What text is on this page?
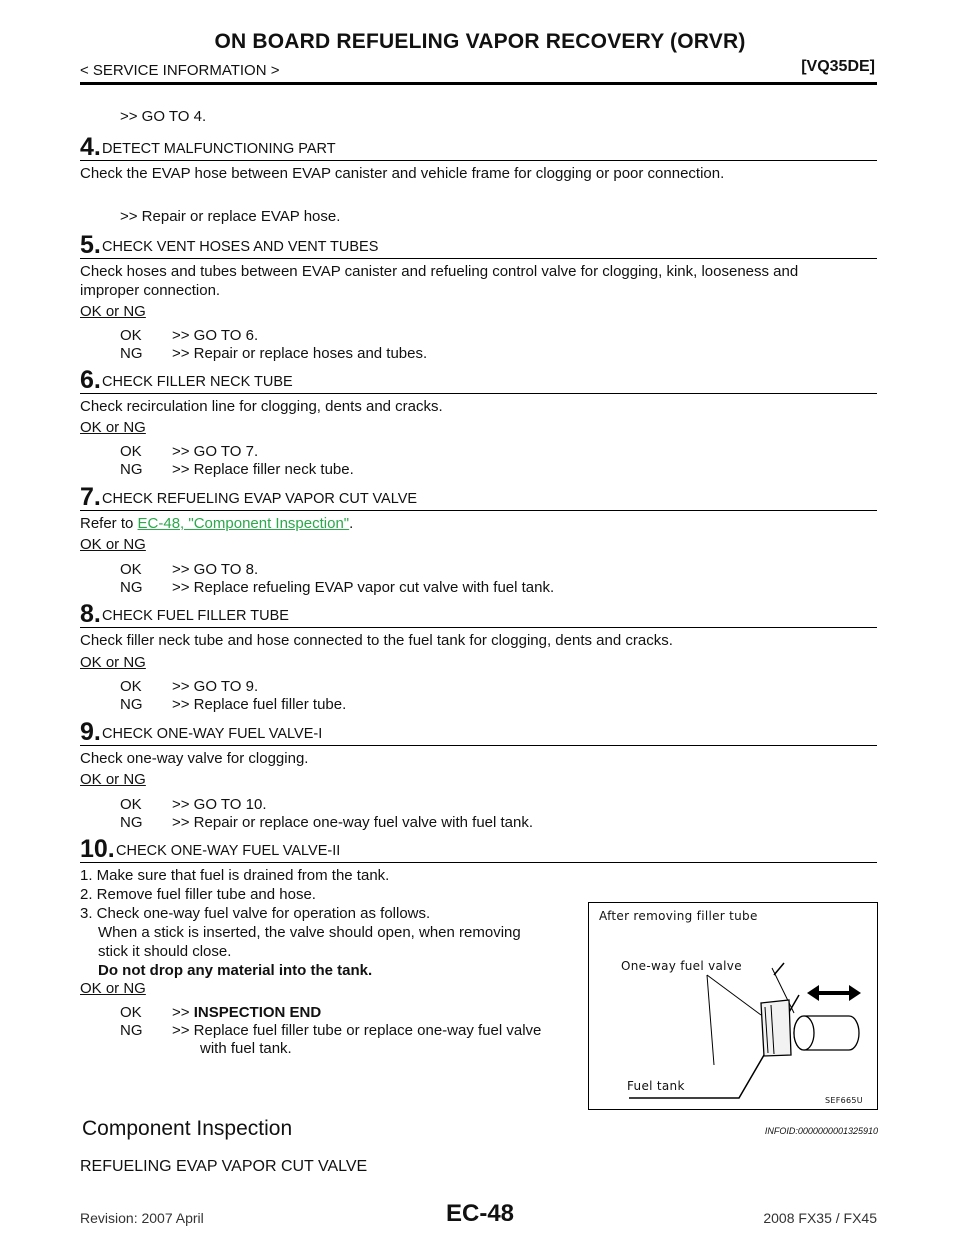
ON BOARD REFUELING VAPOR RECOVERY (ORVR)
< SERVICE INFORMATION >	[VQ35DE]
>> GO TO 4.
4. DETECT MALFUNCTIONING PART
Check the EVAP hose between EVAP canister and vehicle frame for clogging or poor connection.
>> Repair or replace EVAP hose.
5. CHECK VENT HOSES AND VENT TUBES
Check hoses and tubes between EVAP canister and refueling control valve for clogging, kink, looseness and
improper connection.
OK or NG
OK >> GO TO 6.
NG >> Repair or replace hoses and tubes.
6. CHECK FILLER NECK TUBE
Check recirculation line for clogging, dents and cracks.
OK or NG
OK >> GO TO 7.
NG >> Replace filler neck tube.
7. CHECK REFUELING EVAP VAPOR CUT VALVE
Refer to EC-48, "Component Inspection".
OK or NG
OK >> GO TO 8.
NG >> Replace refueling EVAP vapor cut valve with fuel tank.
8. CHECK FUEL FILLER TUBE
Check filler neck tube and hose connected to the fuel tank for clogging, dents and cracks.
OK or NG
OK >> GO TO 9.
NG >> Replace fuel filler tube.
9. CHECK ONE-WAY FUEL VALVE-I
Check one-way valve for clogging.
OK or NG
OK >> GO TO 10.
NG >> Repair or replace one-way fuel valve with fuel tank.
10. CHECK ONE-WAY FUEL VALVE-II
1. Make sure that fuel is drained from the tank.
2. Remove fuel filler tube and hose.
3. Check one-way fuel valve for operation as follows.
When a stick is inserted, the valve should open, when removing
stick it should close.
Do not drop any material into the tank.
OK or NG
OK >> INSPECTION END
NG >> Replace fuel filler tube or replace one-way fuel valve
with fuel tank.
After removing filler tube
One-way fuel valve
Fuel tank
SEF665U
Component Inspection	INFOID:0000000001325910
REFUELING EVAP VAPOR CUT VALVE
Revision: 2007 April	EC-48	2008 FX35 / FX45
